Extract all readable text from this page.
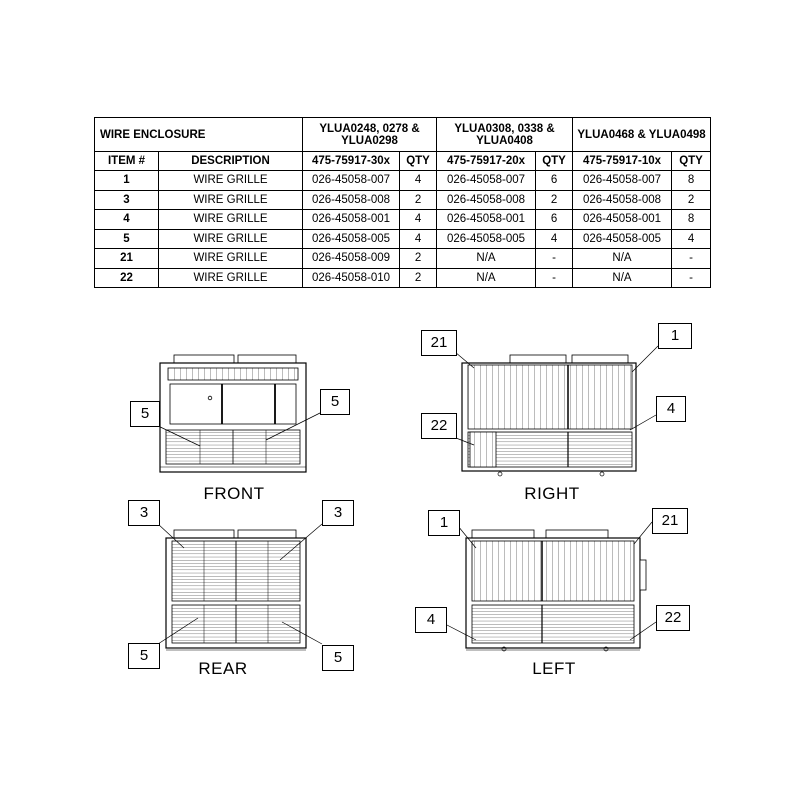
WIRE ENCLOSURE		YLUA0248, 0278 & YLUA0298		YLUA0308, 0338 & YLUA0408		YLUA0468 & YLUA0498	
ITEM #	DESCRIPTION	475-75917-30x	QTY	475-75917-20x	QTY	475-75917-10x	QTY
1	WIRE GRILLE	026-45058-007	4	026-45058-007	6	026-45058-007	8
3	WIRE GRILLE	026-45058-008	2	026-45058-008	2	026-45058-008	2
4	WIRE GRILLE	026-45058-001	4	026-45058-001	6	026-45058-001	8
5	WIRE GRILLE	026-45058-005	4	026-45058-005	4	026-45058-005	4
21	WIRE GRILLE	026-45058-009	2	N/A	-	N/A	-
22	WIRE GRILLE	026-45058-010	2	N/A	-	N/A	-
5
5
FRONT
21	1
22
4
RIGHT
3	3
5	5
REAR
1	21
4	22
LEFT
